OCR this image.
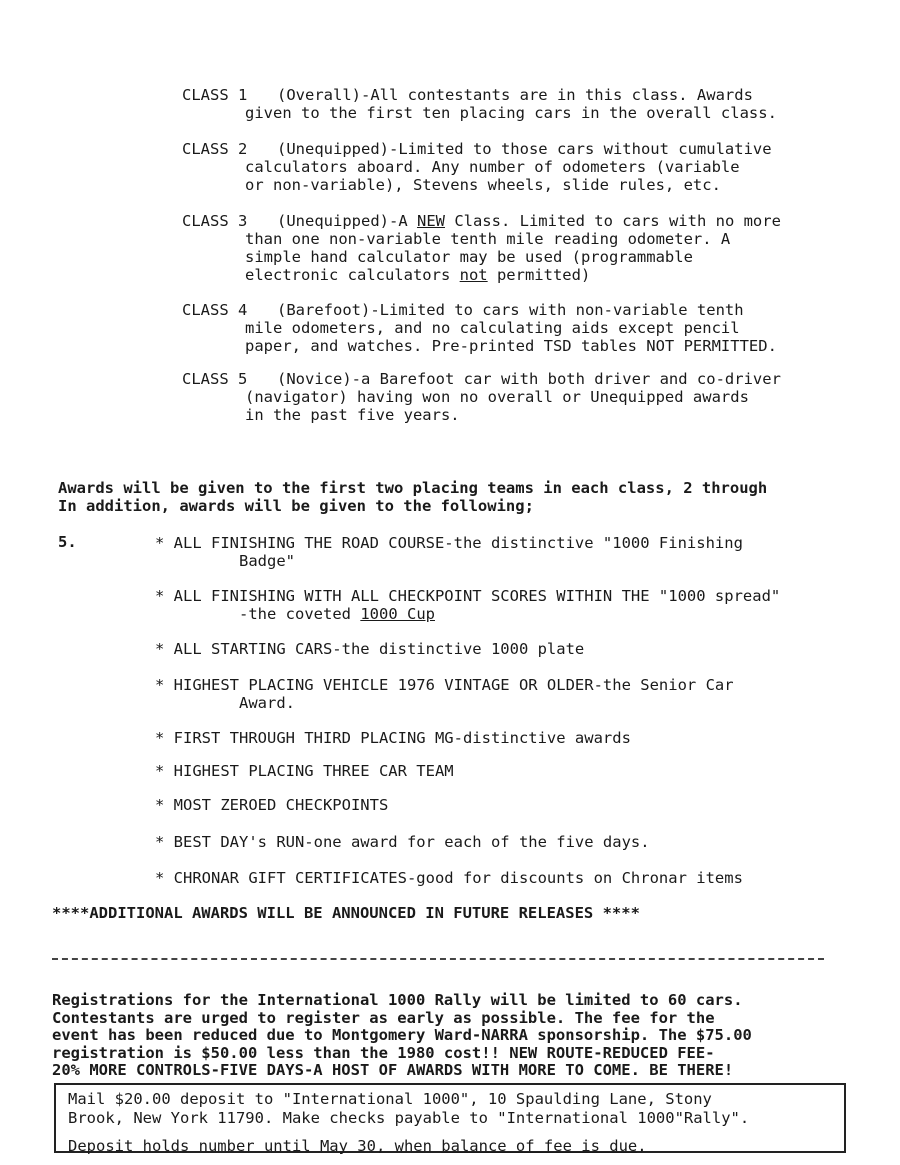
CLASS 1 (Overall)-All contestants are in this class. Awards
given to the first ten placing cars in the overall class.
CLASS 2 (Unequipped)-Limited to those cars without cumulative
calculators aboard. Any number of odometers (variable
or non-variable), Stevens wheels, slide rules, etc.
CLASS 3 (Unequipped)-A NEW Class. Limited to cars with no more
than one non-variable tenth mile reading odometer. A
simple hand calculator may be used (programmable
electronic calculators not permitted)
CLASS 4 (Barefoot)-Limited to cars with non-variable tenth
mile odometers, and no calculating aids except pencil
paper, and watches. Pre-printed TSD tables NOT PERMITTED.
CLASS 5 (Novice)-a Barefoot car with both driver and co-driver
(navigator) having won no overall or Unequipped awards
in the past five years.

Awards will be given to the first two placing teams in each class, 2 through

5.

In addition, awards will be given to the following;
* ALL FINISHING THE ROAD COURSE-the distinctive "1000 Finishing
Badge"
* ALL FINISHING WITH ALL CHECKPOINT SCORES WITHIN THE "1000 spread"
-the coveted 1000 Cup
* ALL STARTING CARS-the distinctive 1000 plate
* HIGHEST PLACING VEHICLE 1976 VINTAGE OR OLDER-the Senior Car
Award.
* FIRST THROUGH THIRD PLACING MG-distinctive awards
* HIGHEST PLACING THREE CAR TEAM
* MOST ZEROED CHECKPOINTS
* BEST DAY's RUN-one award for each of the five days.
* CHRONAR GIFT CERTIFICATES-good for discounts on Chronar items
****ADDITIONAL AWARDS WILL BE ANNOUNCED IN FUTURE RELEASES ****
Registrations for the International 1000 Rally will be limited to 60 cars.
Contestants are urged to register as early as possible. The fee for the
event has been reduced due to Montgomery Ward-NARRA sponsorship. The $75.00
registration is $50.00 less than the 1980 cost!! NEW ROUTE-REDUCED FEE-
20% MORE CONTROLS-FIVE DAYS-A HOST OF AWARDS WITH MORE TO COME. BE THERE!
Mail $20.00 deposit to "International 1000", 10 Spaulding Lane, Stony
Brook, New York 11790. Make checks payable to "International 1000"Rally".
Deposit holds number until May 30, when balance of fee is due.
